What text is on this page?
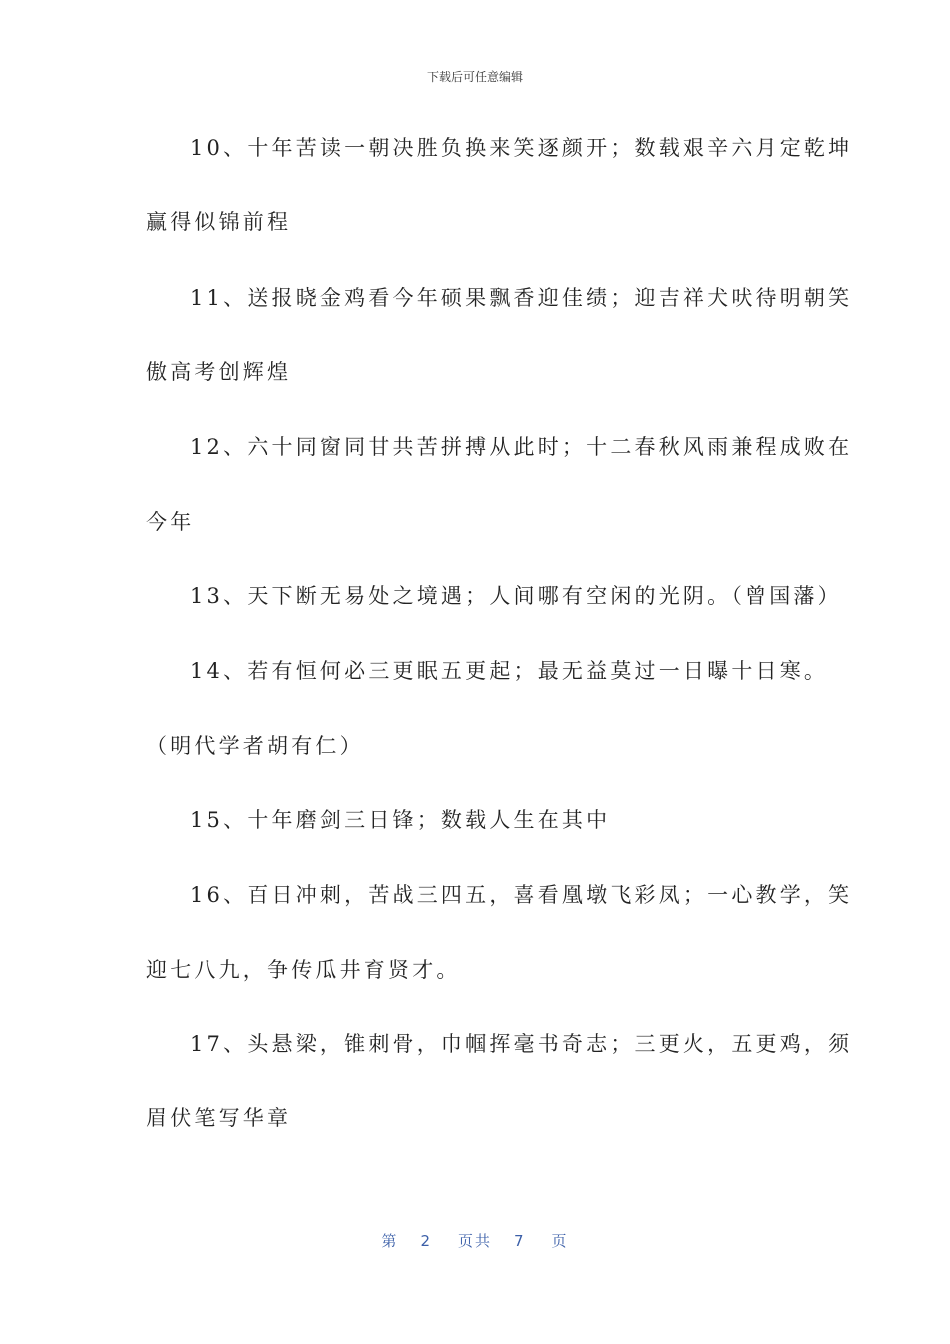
下载后可任意编辑
10、十年苦读一朝决胜负换来笑逐颜开；数载艰辛六月定乾坤
赢得似锦前程
11、送报晓金鸡看今年硕果飘香迎佳绩；迎吉祥犬吠待明朝笑
傲高考创辉煌
12、六十同窗同甘共苦拼搏从此时；十二春秋风雨兼程成败在
今年
13、天下断无易处之境遇；人间哪有空闲的光阴。（曾国藩）
14、若有恒何必三更眠五更起；最无益莫过一日曝十日寒。
（明代学者胡有仁）
15、十年磨剑三日锋；数载人生在其中
16、百日冲刺，苦战三四五，喜看凰墩飞彩凤；一心教学，笑
迎七八九，争传瓜井育贤才。
17、头悬梁，锥刺骨，巾帼挥毫书奇志；三更火，五更鸡，须
眉伏笔写华章
第 2 页共 7 页
